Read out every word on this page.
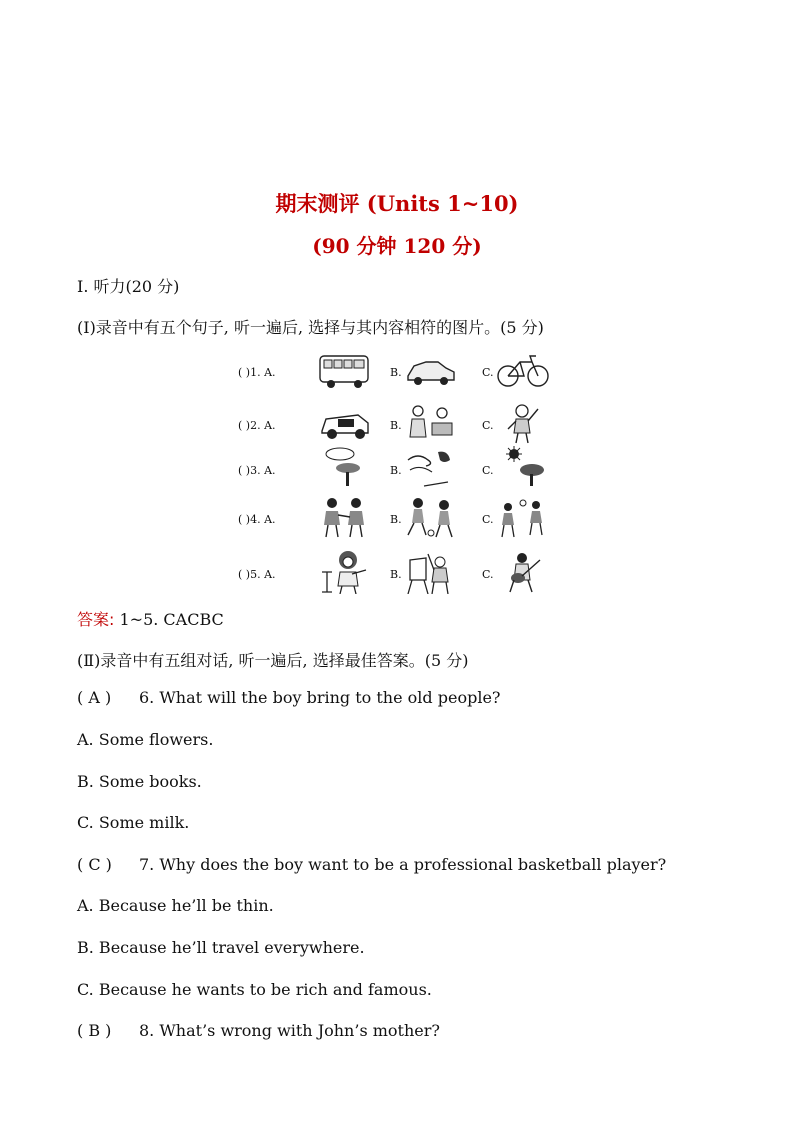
期末测评 (Units 1~10)
(90 分钟 120 分)
Ⅰ. 听力(20 分)
(Ⅰ)录音中有五个句子, 听一遍后, 选择与其内容相符的图片。(5 分)
( )1. A.	B.	C.
( )2. A.	B.	C.
( )3. A.	B.	C.
( )4. A.	B.	C.
( )5. A.	B.	C.
答案: 1~5. CACBC
(Ⅱ)录音中有五组对话, 听一遍后, 选择最佳答案。(5 分)
( A ) 6. What will the boy bring to the old people?
A. Some flowers.
B. Some books.
C. Some milk.
( C ) 7. Why does the boy want to be a professional basketball player?
A. Because he’ll be thin.
B. Because he’ll travel everywhere.
C. Because he wants to be rich and famous.
( B ) 8. What’s wrong with John’s mother?
